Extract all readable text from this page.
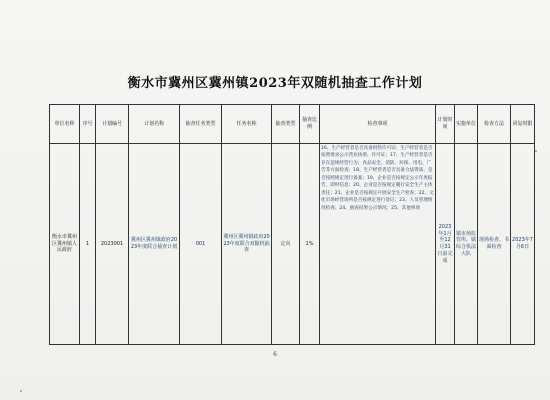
衡水市冀州区冀州镇2023年双随机抽查工作计划
单位名称	序号	计划编号	计划名称	抽查任务类型	任务名称	抽查类型	抽查比例	检查事项	计划时间	实施单位	检查方法	回复时限
衡水市冀州区冀州镇人民政府	1	2023001	冀州区冀州镇政府2023年度联合抽查计划	001	冀州区冀州镇政府2023年度联合双随机抽查	定向	1%	16、生产经营者是否具备供热许可证；生产经营者是否按照要求公示营业执照、许可证；17、生产经营者是否存在违规经营行为；食品安全、消防、环保、用电、广告等方面检查；18、生产经营者是否具备合法资质，是否按照规定进行备案；19、企业是否按规定公示年度报告、即时信息；20、企业是否按规定履行安全生产主体责任；21、企业是否按规定开展安全生产检查；22、文化市场经营场所是否按规定进行登记；23、人员管理情况检查；24、抽查结果公示情况；25、其他事项	2023年1月至12月31日前完成	镇市场监管所、镇综合执法大队	现场检查、书面检查	2023年7月6日
6
